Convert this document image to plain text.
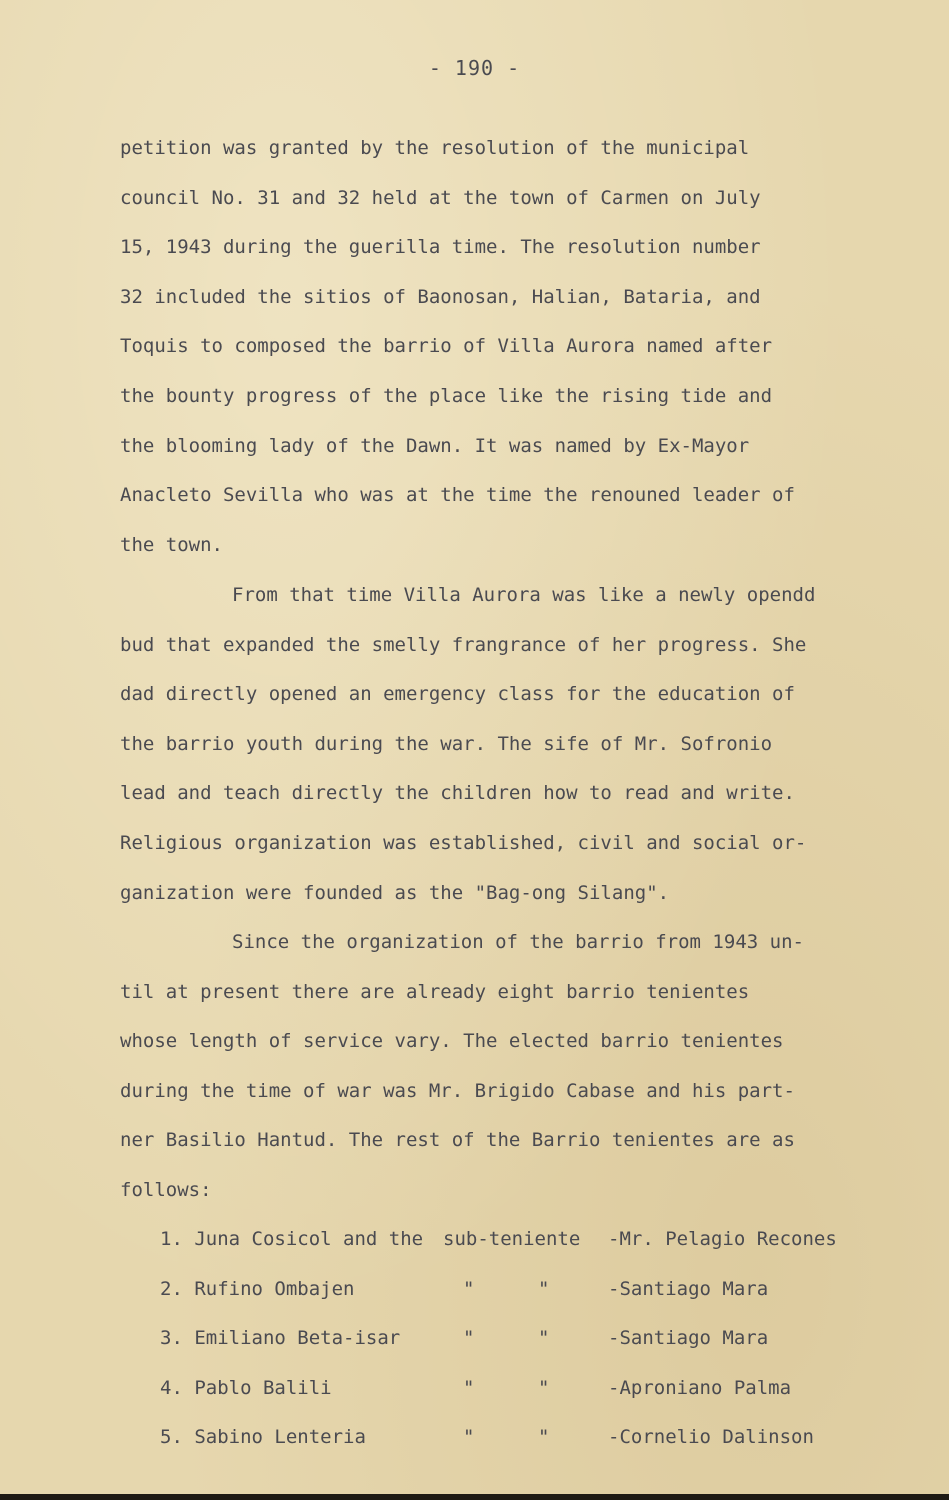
- 190 -
petition was granted by the resolution of the municipal
council No. 31 and 32 held at the town of Carmen on July
15, 1943 during the guerilla time. The resolution number
32 included the sitios of Baonosan, Halian, Bataria, and
Toquis to composed the barrio of Villa Aurora named after
the bounty progress of the place like the rising tide and
the blooming lady of the Dawn. It was named by Ex-Mayor
Anacleto Sevilla who was at the time the renouned leader of
the town.
From that time Villa Aurora was like a newly opendd
bud that expanded the smelly frangrance of her progress. She
dad directly opened an emergency class for the education of
the barrio youth during the war. The sife of Mr. Sofronio
lead and teach directly the children how to read and write.
Religious organization was established, civil and social or-
ganization were founded as the "Bag-ong Silang".
Since the organization of the barrio from 1943 un-
til at present there are already eight barrio tenientes
whose length of service vary. The elected barrio tenientes
during the time of war was Mr. Brigido Cabase and his part-
ner Basilio Hantud. The rest of the Barrio tenientes are as
follows:
1. Juna Cosicol and the sub-teniente -Mr. Pelagio Recones
2. Rufino Ombajen	"	"	-Santiago Mara
3. Emiliano Beta-isar	"	"	-Santiago Mara
4. Pablo Balili	"	"	-Aproniano Palma
5. Sabino Lenteria	"	"	-Cornelio Dalinson
